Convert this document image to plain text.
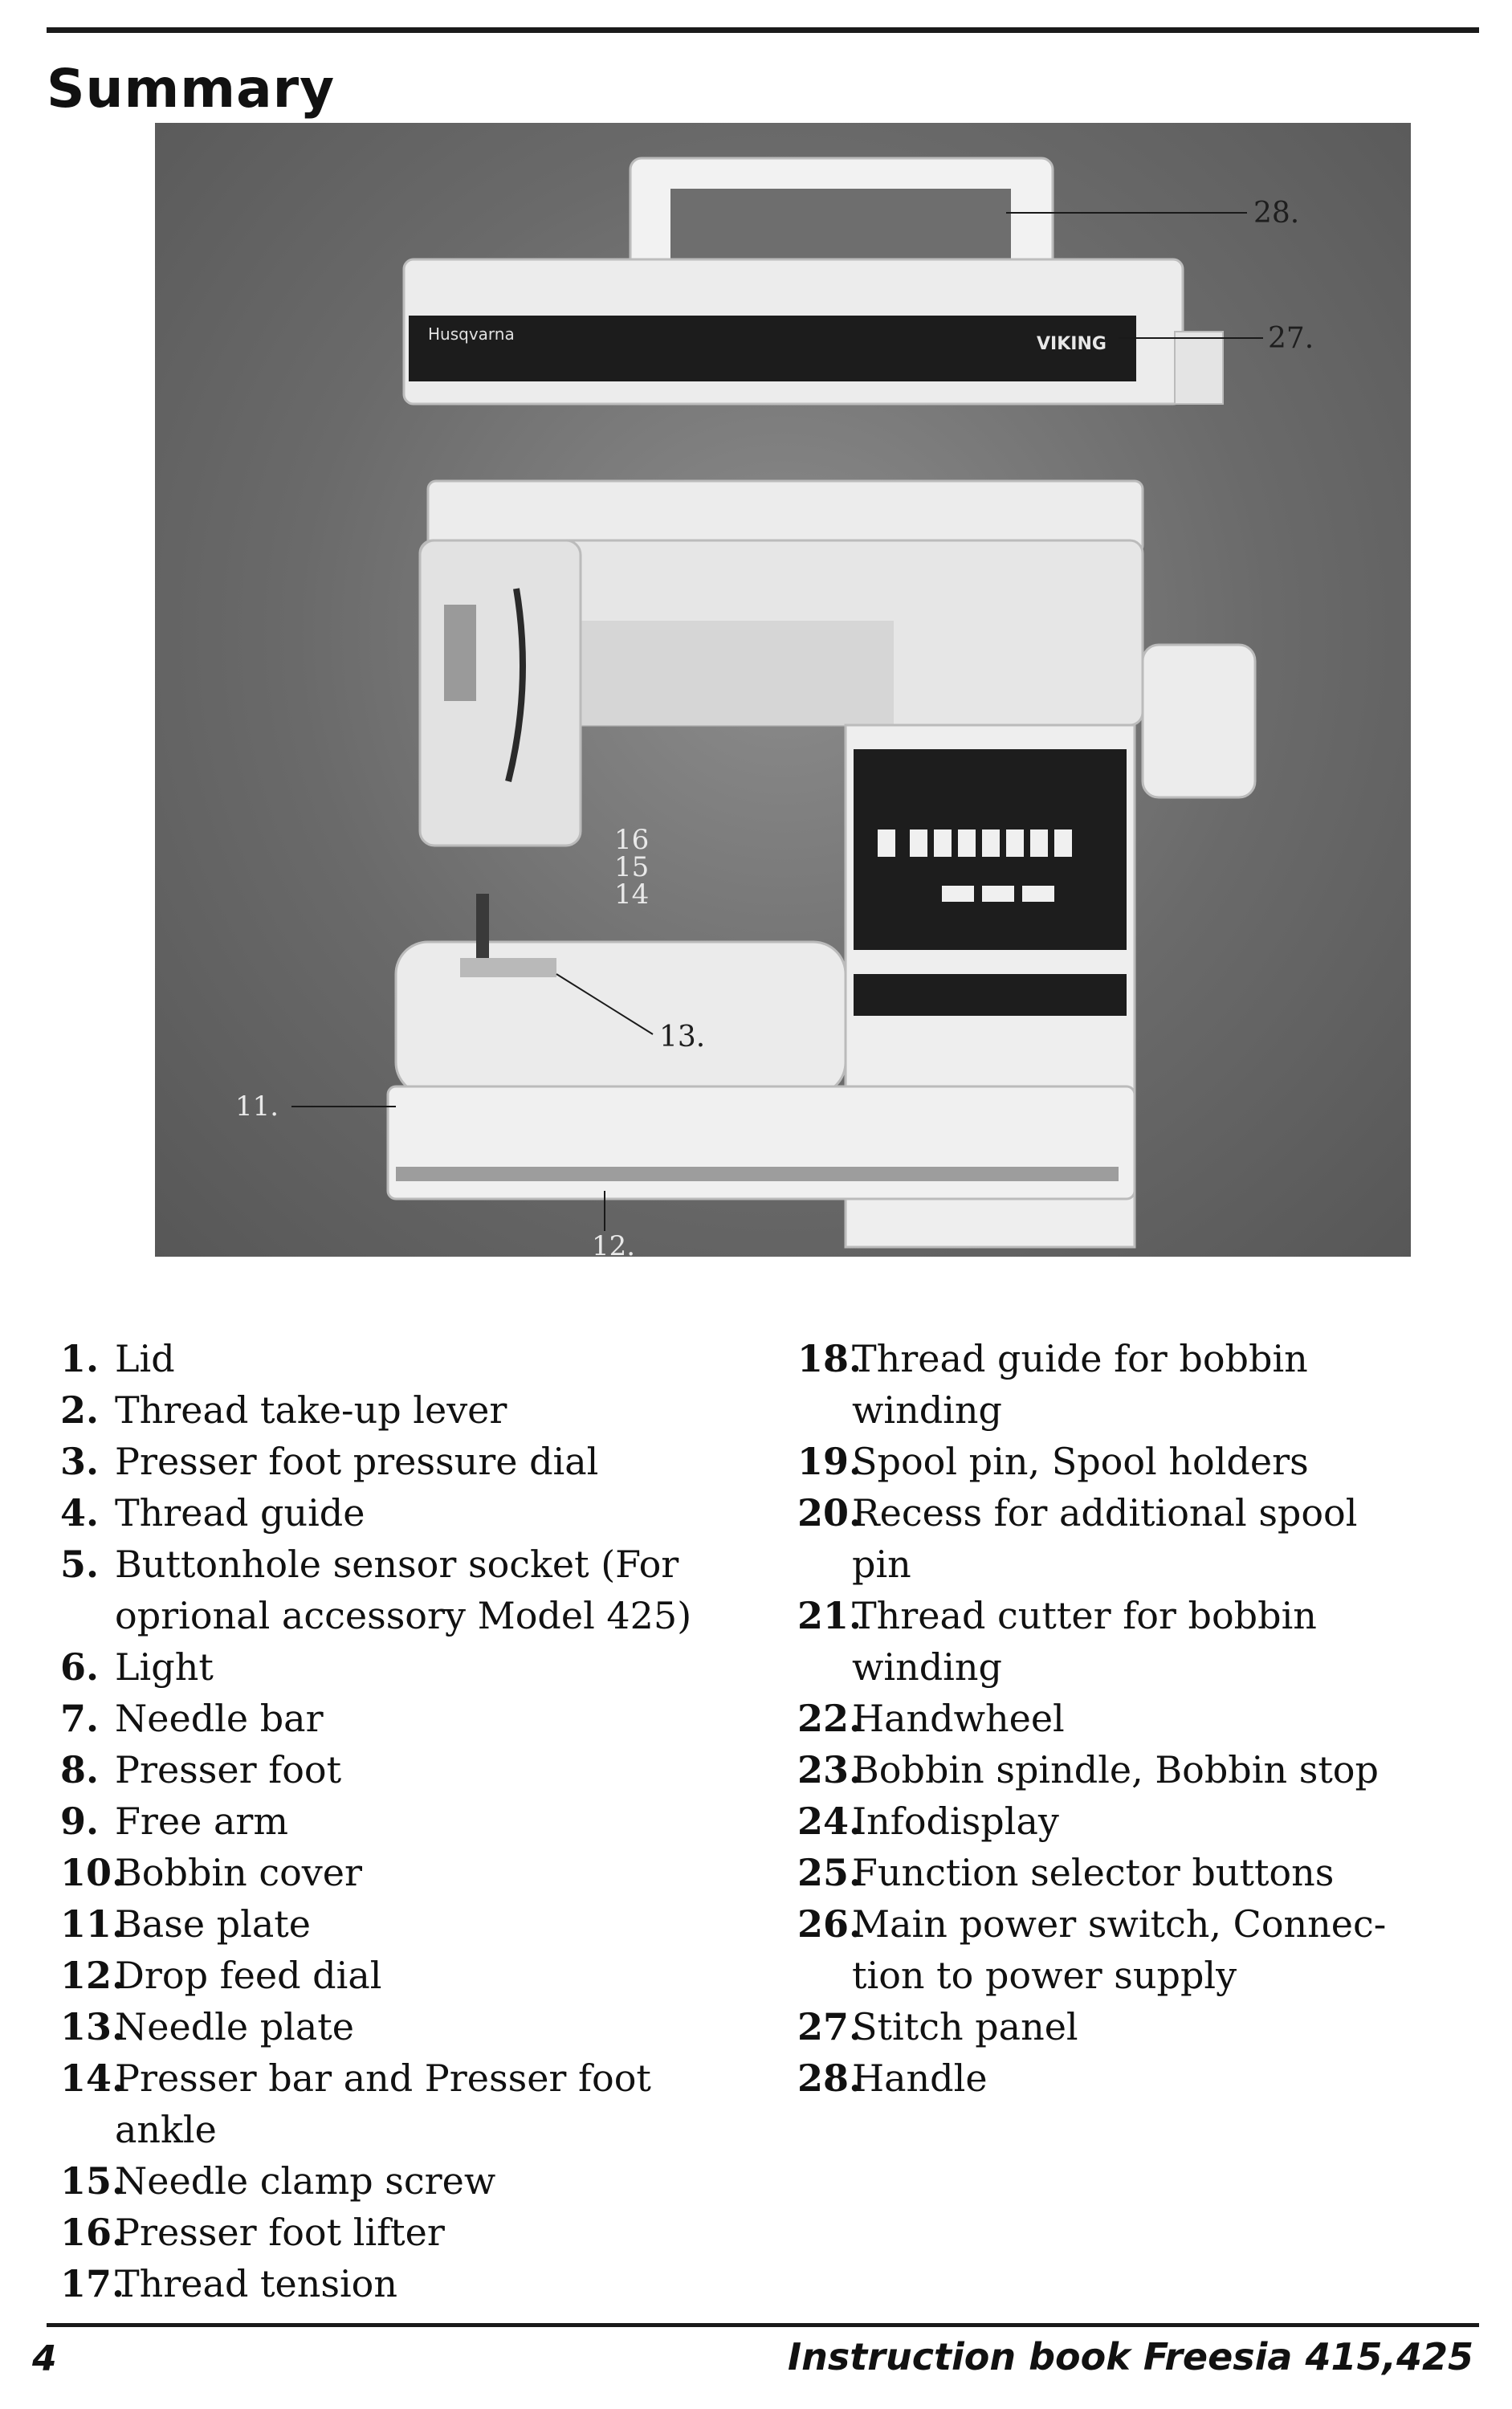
Summary
Husqvarna	VIKING
28.
27.
13.
11.
12.
16
15
14
1. Lid
2. Thread take-up lever
3. Presser foot pressure dial
4. Thread guide
5. Buttonhole sensor socket (For
oprional accessory Model 425)
6. Light
7. Needle bar
8. Presser foot
9. Free arm
10.
Bobbin cover
11.
Base plate
12.
Drop feed dial
13.
Needle plate
14.
Presser bar and Presser foot
ankle
15.
Needle clamp screw
16.
Presser foot lifter
17.
Thread tension
18.
Thread guide for bobbin
winding
19.
Spool pin, Spool holders
20.
Recess for additional spool
pin
21.
Thread cutter for bobbin
winding
22.
Handwheel
23.
Bobbin spindle, Bobbin stop
24.
Infodisplay
25.
Function selector buttons
26.
Main power switch, Connec-
tion to power supply
27.
Stitch panel
28.
Handle

4	Instruction book Freesia 415,425
